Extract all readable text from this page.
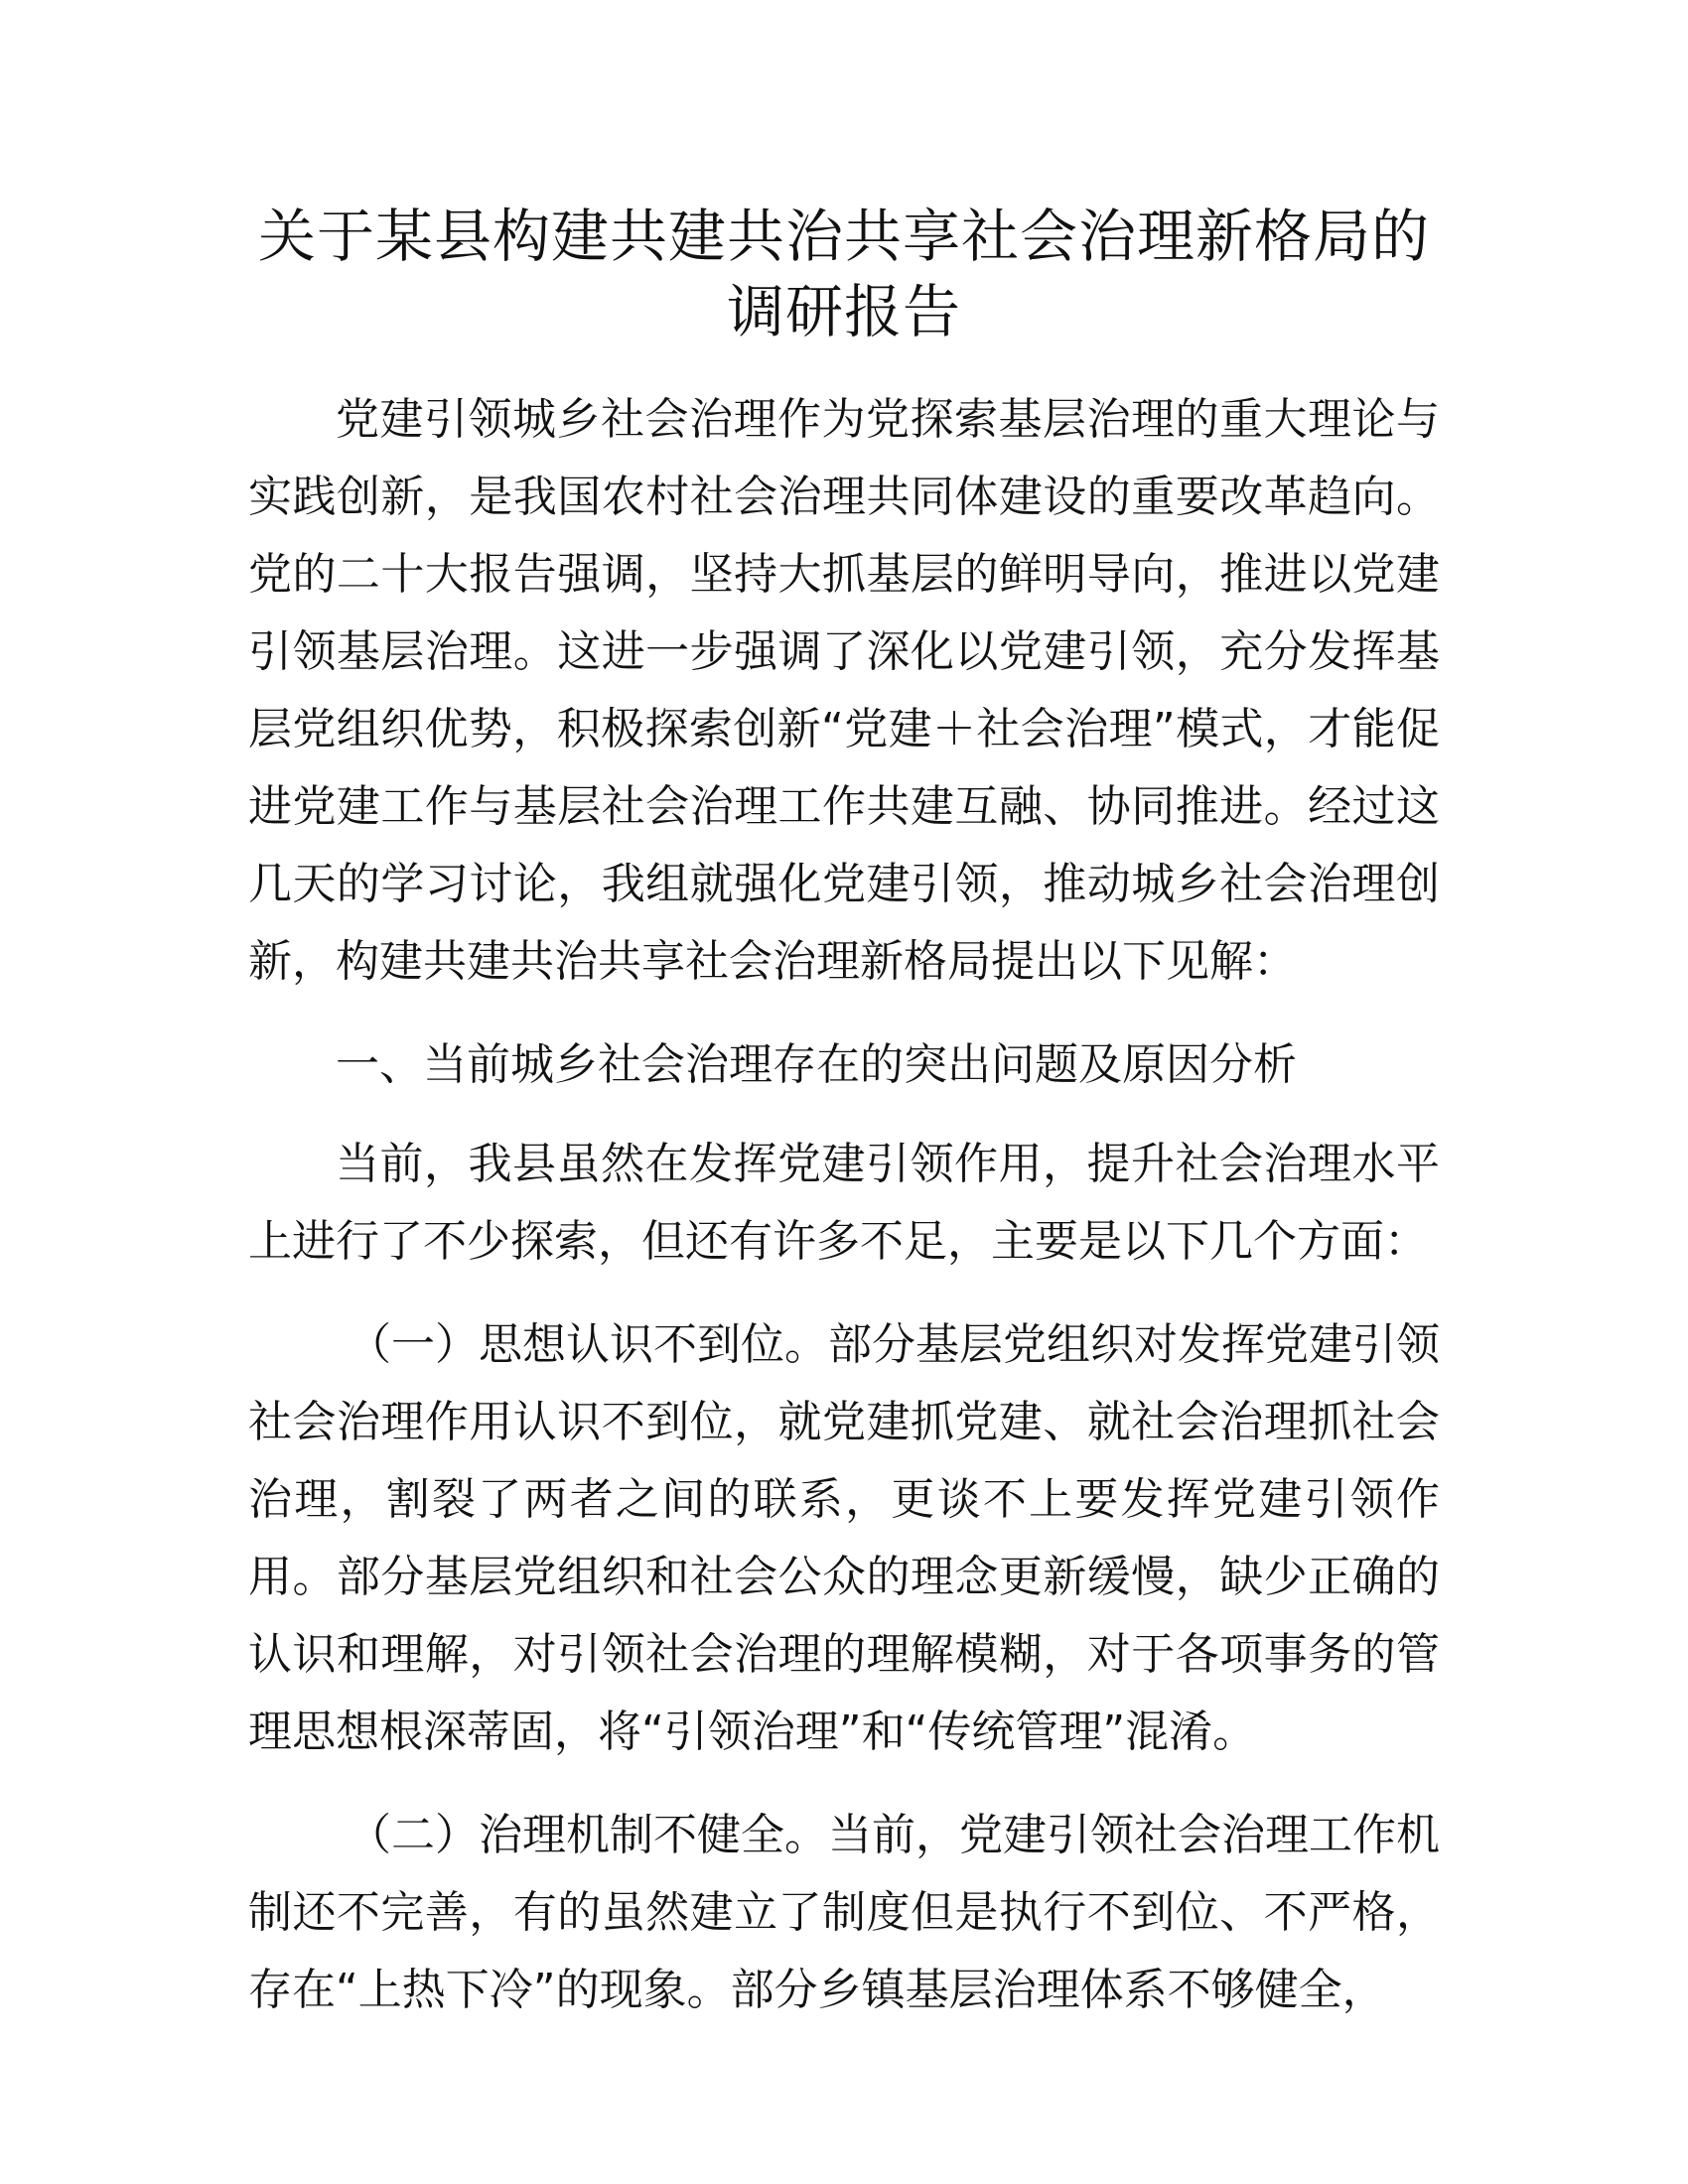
关于某县构建共建共治共享社会治理新格局的
调研报告

党建引领城乡社会治理作为党探索基层治理的重大理论与实践创新，是我国农村社会治理共同体建设的重要改革趋向。党的二十大报告强调，坚持大抓基层的鲜明导向，推进以党建引领基层治理。这进一步强调了深化以党建引领，充分发挥基层党组织优势，积极探索创新“党建＋社会治理”模式，才能促进党建工作与基层社会治理工作共建互融、协同推进。经过这几天的学习讨论，我组就强化党建引领，推动城乡社会治理创新，构建共建共治共享社会治理新格局提出以下见解：

一、当前城乡社会治理存在的突出问题及原因分析

当前，我县虽然在发挥党建引领作用，提升社会治理水平上进行了不少探索，但还有许多不足，主要是以下几个方面：

（一）思想认识不到位。部分基层党组织对发挥党建引领社会治理作用认识不到位，就党建抓党建、就社会治理抓社会治理，割裂了两者之间的联系，更谈不上要发挥党建引领作用。部分基层党组织和社会公众的理念更新缓慢，缺少正确的认识和理解，对引领社会治理的理解模糊，对于各项事务的管理思想根深蒂固，将“引领治理”和“传统管理”混淆。

（二）治理机制不健全。当前，党建引领社会治理工作机制还不完善，有的虽然建立了制度但是执行不到位、不严格，存在“上热下冷”的现象。部分乡镇基层治理体系不够健全，
